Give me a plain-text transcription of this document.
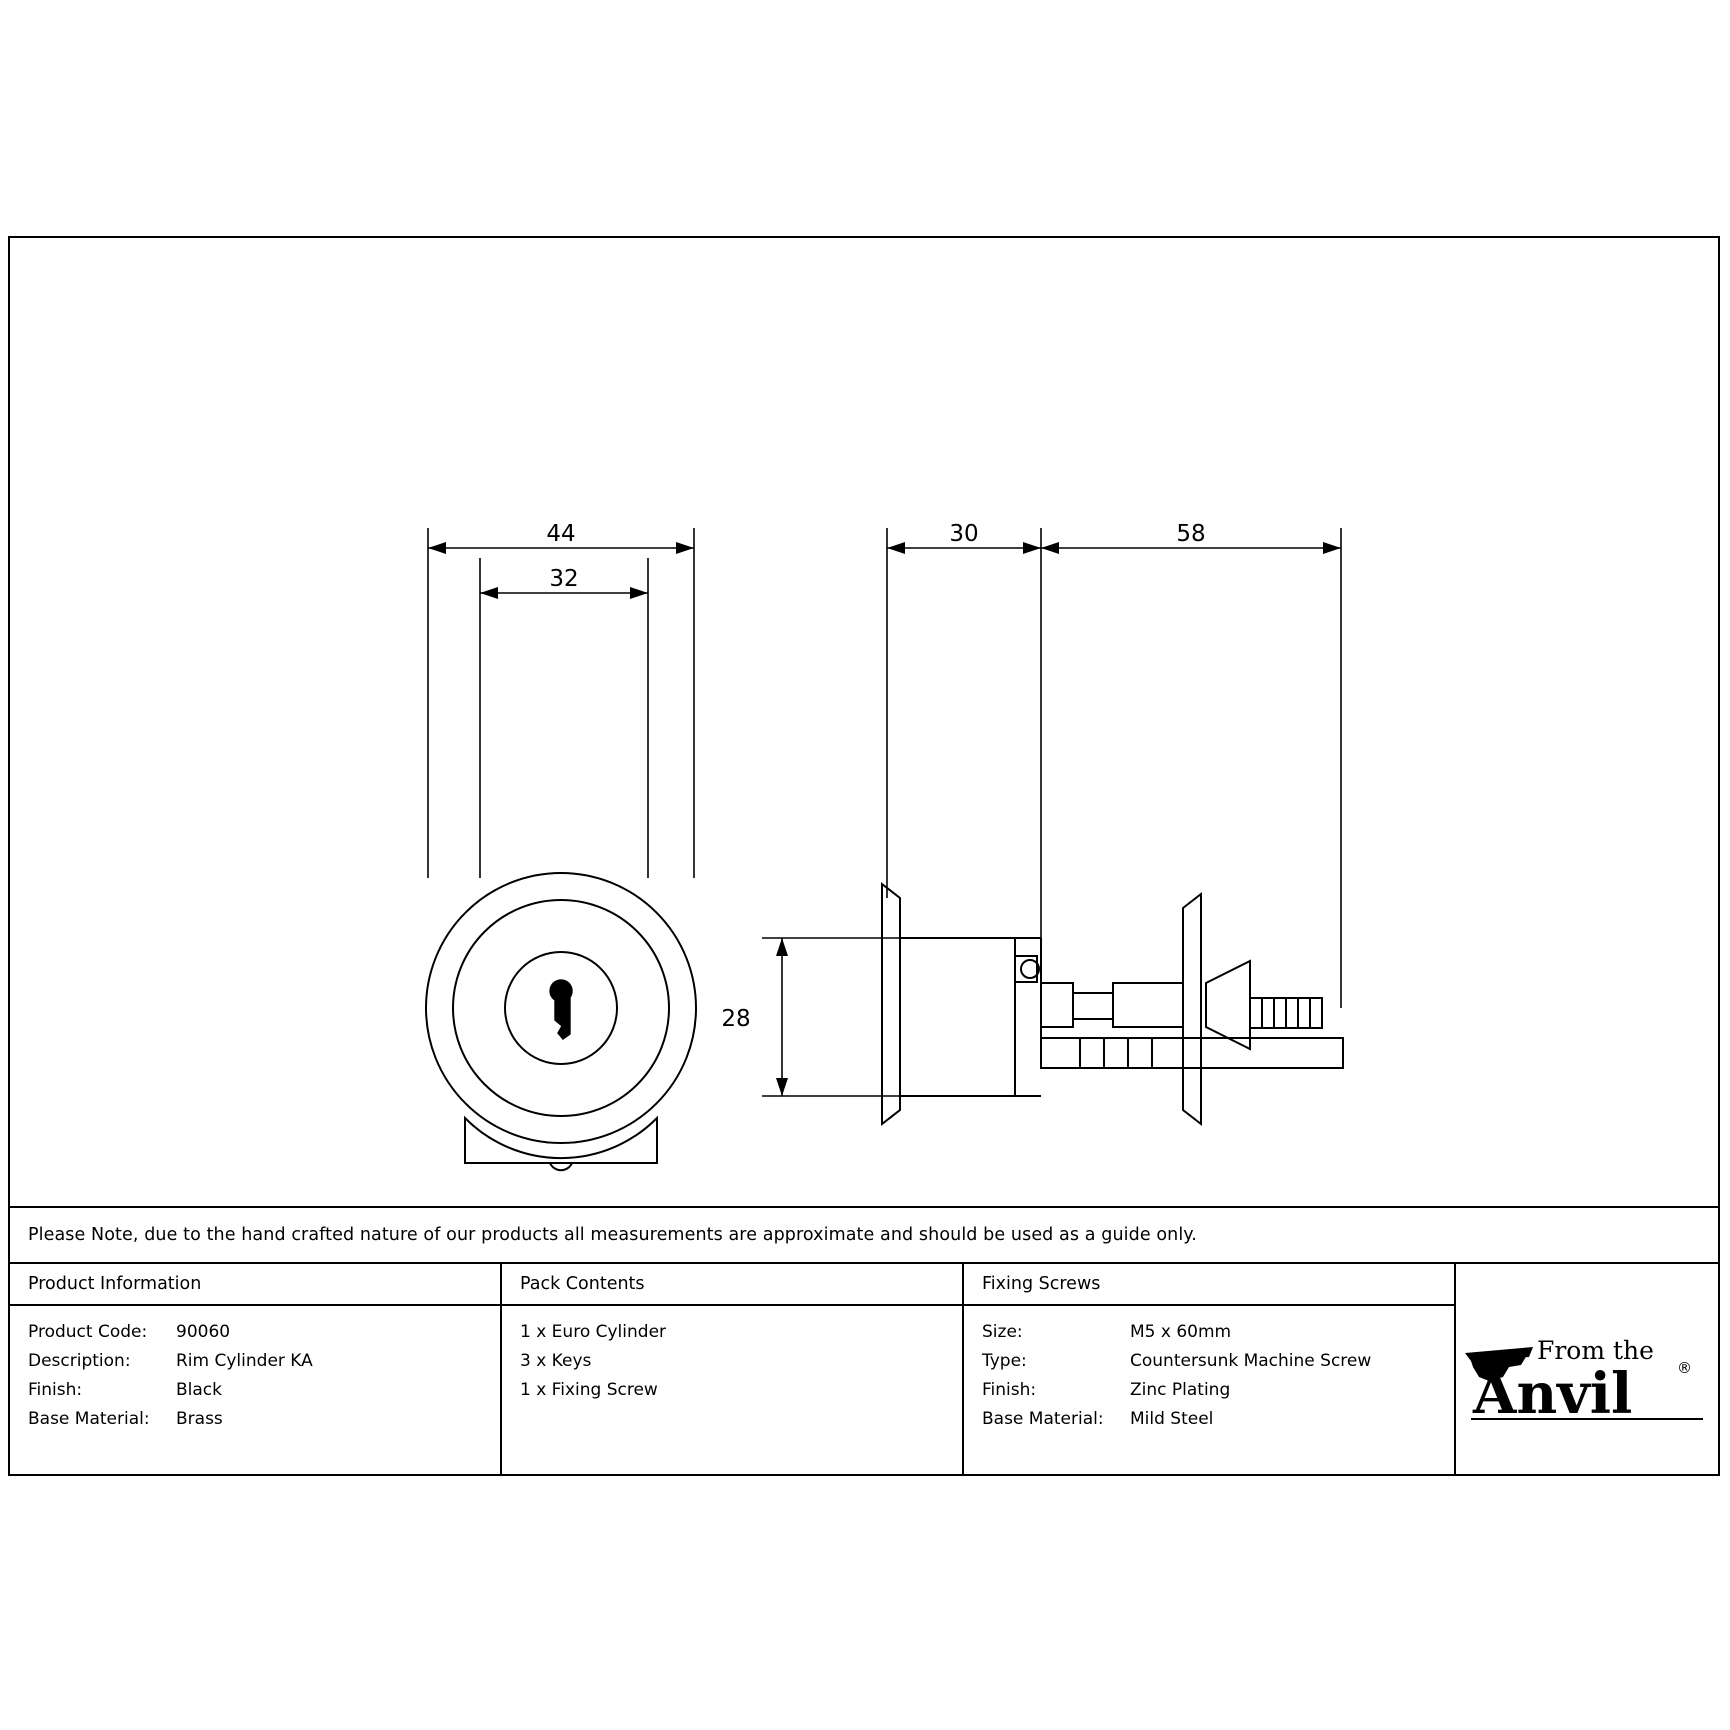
44
32
30	58
28
Please Note, due to the hand crafted nature of our products all measurements are approximate and should be used as a guide only.
Product Information
Product Code:	90060
Description:	Rim Cylinder KA
Finish:	Black
Base Material:	Brass
Pack Contents
1 x Euro Cylinder
3 x Keys
1 x Fixing Screw
Fixing Screws
Size:	M5 x 60mm
Type:	Countersunk Machine Screw
Finish:	Zinc Plating
Base Material:	Mild Steel
From the
Anvil	®
